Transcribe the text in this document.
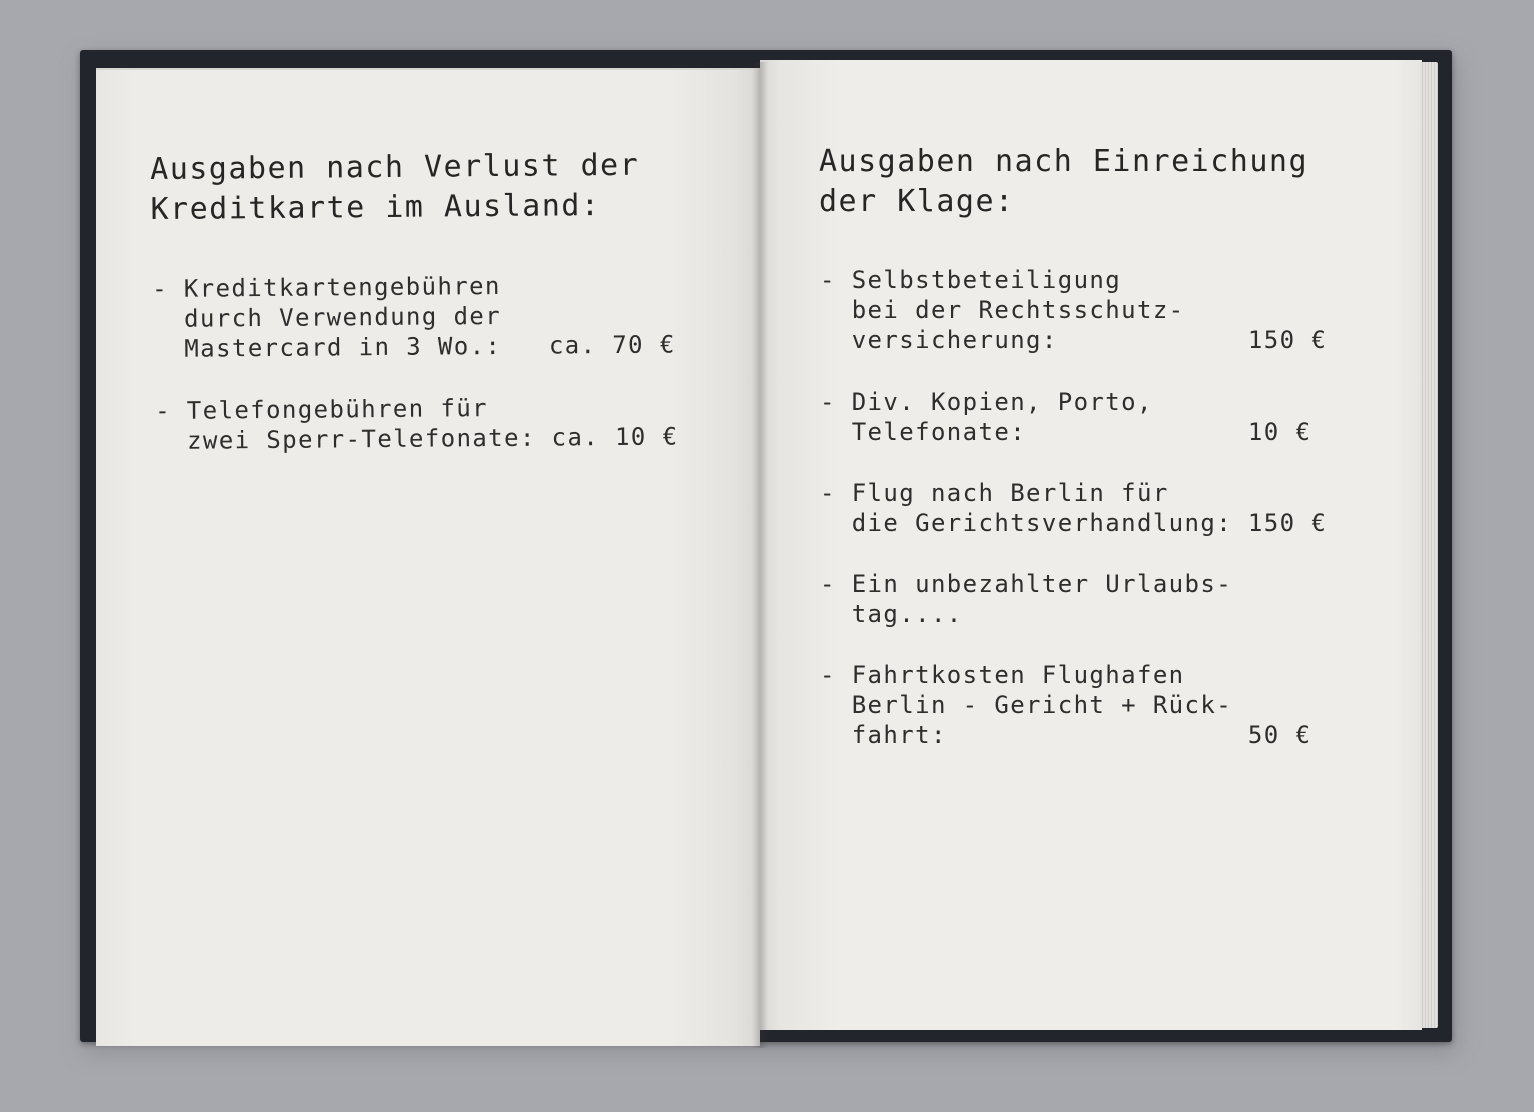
Ausgaben nach Verlust der
Kreditkarte im Ausland:

- Kreditkartengebühren
durch Verwendung der
Mastercard in 3 Wo.:   ca. 70 €

- Telefongebühren für
zwei Sperr-Telefonate: ca. 10 €

Ausgaben nach Einreichung
der Klage:

- Selbstbeteiligung
bei der Rechtsschutz-
versicherung:            150 €

- Div. Kopien, Porto,
Telefonate:              10 €

- Flug nach Berlin für
die Gerichtsverhandlung: 150 €

- Ein unbezahlter Urlaubs-
tag....

- Fahrtkosten Flughafen
Berlin - Gericht + Rück-
fahrt:                   50 €
